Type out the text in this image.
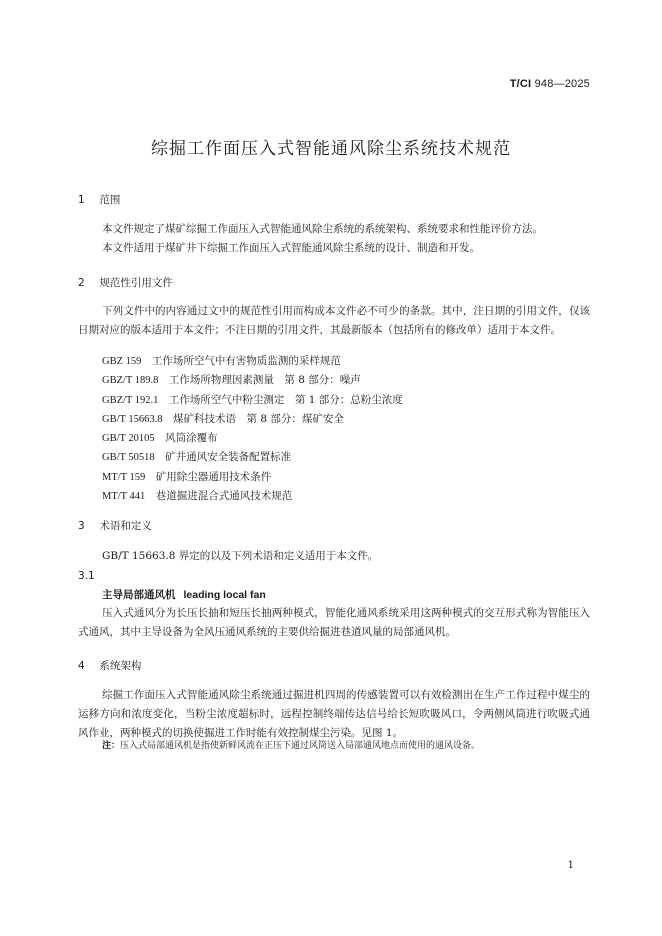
T/CI 948—2025
综掘工作面压入式智能通风除尘系统技术规范
1 范围
本文件规定了煤矿综掘工作面压入式智能通风除尘系统的系统架构、系统要求和性能评价方法。
本文件适用于煤矿井下综掘工作面压入式智能通风除尘系统的设计、制造和开发。
2 规范性引用文件
下列文件中的内容通过文中的规范性引用而构成本文件必不可少的条款。其中，注日期的引用文件，仅该日期对应的版本适用于本文件；不注日期的引用文件，其最新版本（包括所有的修改单）适用于本文件。
GBZ 159　 工作场所空气中有害物质监测的采样规范
GBZ/T 189.8　 工作场所物理因素测量　第 8 部分：噪声
GBZ/T 192.1　 工作场所空气中粉尘测定　第 1 部分：总粉尘浓度
GB/T 15663.8　 煤矿科技术语　第 8 部分：煤矿安全
GB/T 20105　 风筒涂覆布
GB/T 50518　 矿井通风安全装备配置标准
MT/T 159　 矿用除尘器通用技术条件
MT/T 441　 巷道掘进混合式通风技术规范
3 术语和定义
GB/T 15663.8 界定的以及下列术语和定义适用于本文件。
3.1
主导局部通风机 leading local fan
压入式通风分为长压长抽和短压长抽两种模式，智能化通风系统采用这两种模式的交互形式称为智能压入式通风，其中主导设备为全风压通风系统的主要供给掘进巷道风量的局部通风机。
4 系统架构
综掘工作面压入式智能通风除尘系统通过掘进机四周的传感装置可以有效检测出在生产工作过程中煤尘的运移方向和浓度变化，当粉尘浓度超标时，远程控制终端传达信号给长短吹吸风口，令两侧风筒进行吹吸式通风作业，两种模式的切换使掘进工作时能有效控制煤尘污染。见图 1。
注：压入式局部通风机是指使新鲜风流在正压下通过风筒送入局部通风地点而使用的通风设备。
1
